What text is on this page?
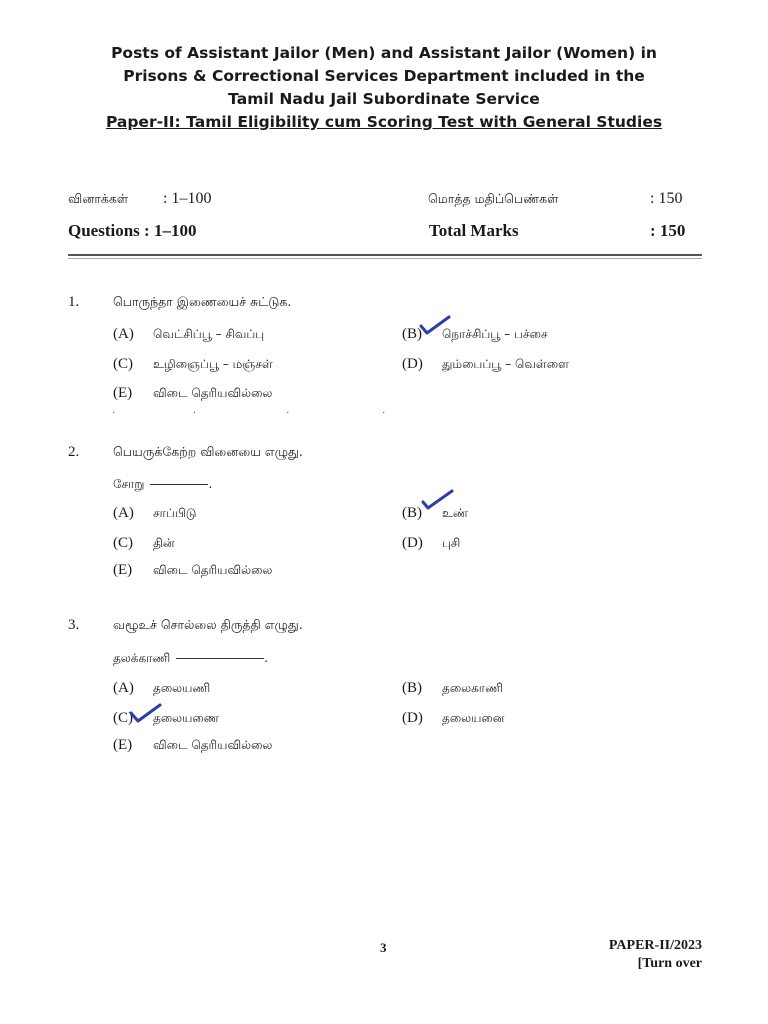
Posts of Assistant Jailor (Men) and Assistant Jailor (Women) in
Prisons & Correctional Services Department included in the
Tamil Nadu Jail Subordinate Service
Paper-II: Tamil Eligibility cum Scoring Test with General Studies
வினாக்கள் : 1–100	மொத்த மதிப்பெண்கள்	: 150
Questions : 1–100	Total Marks	: 150
1.	பொருந்தா இணையைச் சுட்டுக.
(A) வெட்சிப்பூ – சிவப்பு	(B) நொச்சிப்பூ – பச்சை
(C) உழிஞைப்பூ – மஞ்சள்	(D) தும்பைப்பூ – வெள்ளை
(E) விடை தெரியவில்லை
·                               ·                                    ·                                     ·
2.	பெயருக்கேற்ற வினையை எழுது.
சோறு	.
(A) சாப்பிடு	(B) உண்
(C) தின்	(D) புசி
(E) விடை தெரியவில்லை
3.	வழூஉச் சொல்லை திருத்தி எழுது.
தலக்காணி	.
(A) தலையணி	(B) தலைகாணி
(C) தலையணை	(D) தலையனை
(E) விடை தெரியவில்லை
3	PAPER-II/2023
[Turn over
